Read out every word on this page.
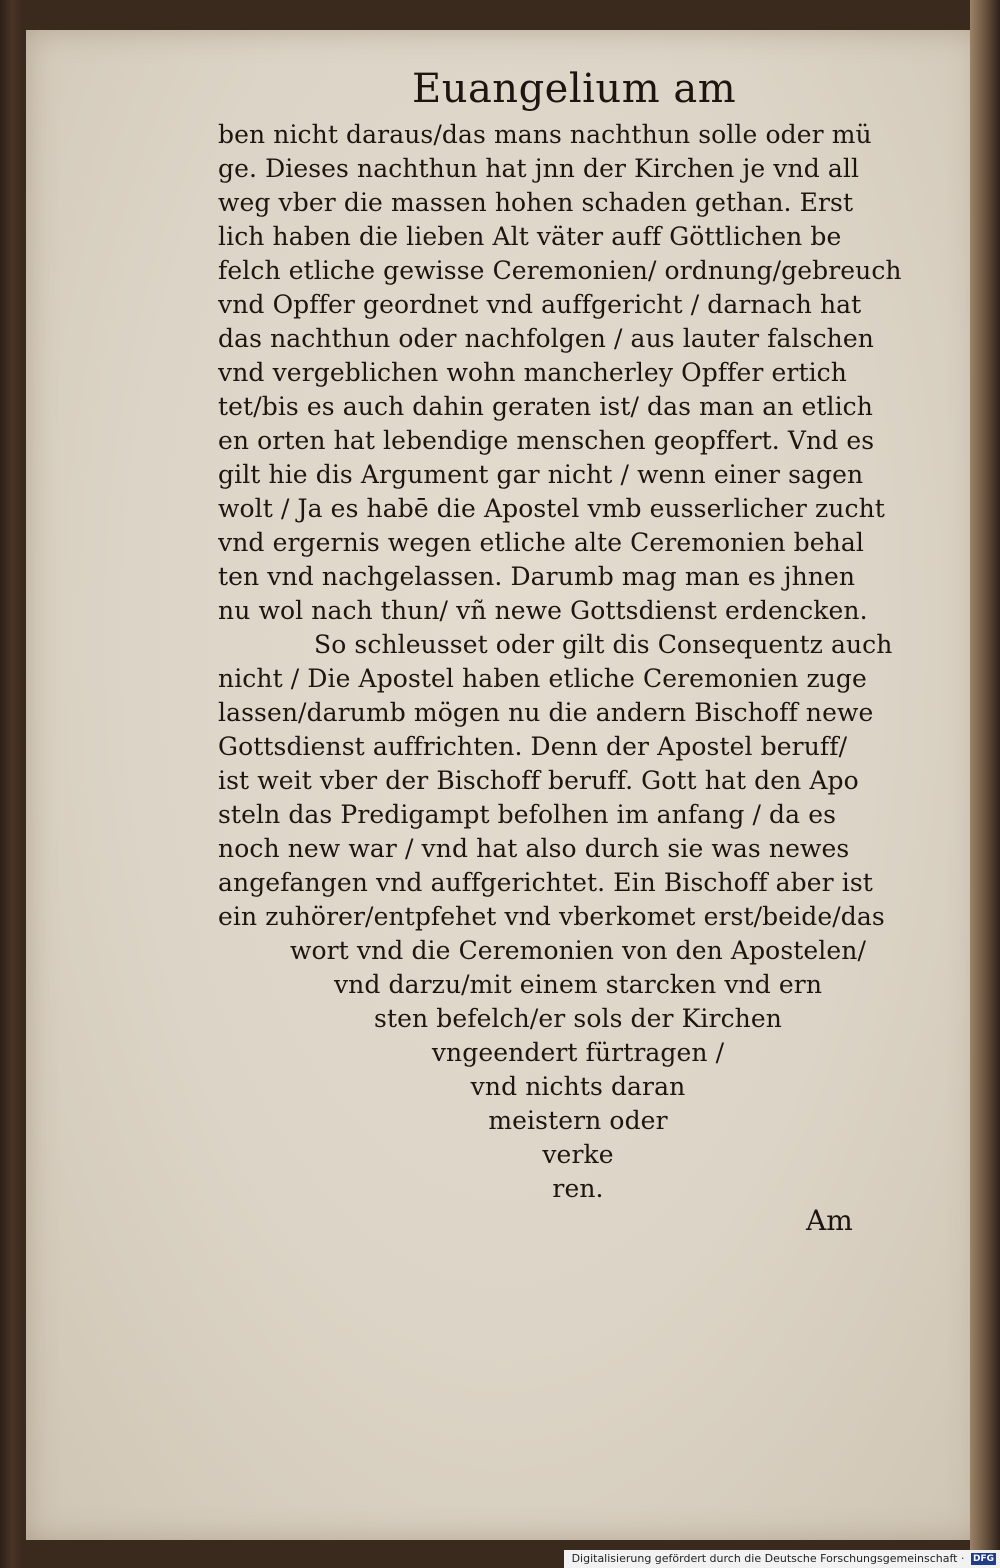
Euangelium am
ben nicht daraus/das mans nachthun solle oder mü
ge. Dieses nachthun hat jnn der Kirchen je vnd all
weg vber die massen hohen schaden gethan. Erst
lich haben die lieben Alt väter auff Göttlichen be
felch etliche gewisse Ceremonien/ ordnung/gebreuch
vnd Opffer geordnet vnd auffgericht / darnach hat
das nachthun oder nachfolgen / aus lauter falschen
vnd vergeblichen wohn mancherley Opffer ertich
tet/bis es auch dahin geraten ist/ das man an etlich
en orten hat lebendige menschen geopffert. Vnd es
gilt hie dis Argument gar nicht / wenn einer sagen
wolt / Ja es habē die Apostel vmb eusserlicher zucht
vnd ergernis wegen etliche alte Ceremonien behal
ten vnd nachgelassen. Darumb mag man es jhnen
nu wol nach thun/ vñ newe Gottsdienst erdencken.
So schleusset oder gilt dis Consequentz auch
nicht / Die Apostel haben etliche Ceremonien zuge
lassen/darumb mögen nu die andern Bischoff newe
Gottsdienst auffrichten. Denn der Apostel beruff/
ist weit vber der Bischoff beruff. Gott hat den Apo
steln das Predigampt befolhen im anfang / da es
noch new war / vnd hat also durch sie was newes
angefangen vnd auffgerichtet. Ein Bischoff aber ist
ein zuhörer/entpfehet vnd vberkomet erst/beide/das
wort vnd die Ceremonien von den Apostelen/
vnd darzu/mit einem starcken vnd ern
sten befelch/er sols der Kirchen
vngeendert fürtragen /
vnd nichts daran
meistern oder
verke
ren.
Am
Digitalisierung gefördert durch die Deutsche Forschungsgemeinschaft · DFG
